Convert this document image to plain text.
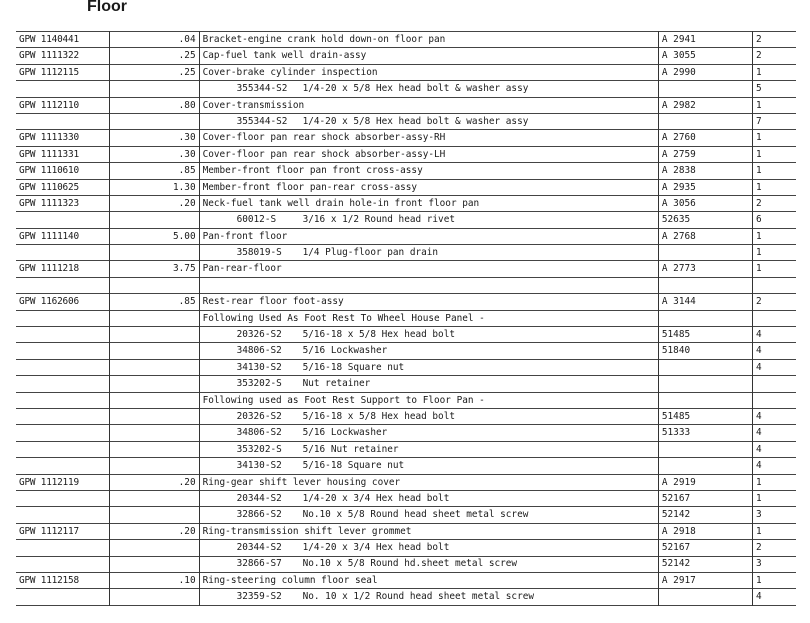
Floor
GPW 1140441	.04	Bracket-engine crank hold down-on floor pan	A 2941	2
GPW 1111322	.25	Cap-fuel tank well drain-assy	A 3055	2
GPW 1112115	.25	Cover-brake cylinder inspection	A 2990	1
		355344-S2 1/4-20 x 5/8 Hex head bolt & washer assy		5
GPW 1112110	.80	Cover-transmission	A 2982	1
		355344-S2 1/4-20 x 5/8 Hex head bolt & washer assy		7
GPW 1111330	.30	Cover-floor pan rear shock absorber-assy-RH	A 2760	1
GPW 1111331	.30	Cover-floor pan rear shock absorber-assy-LH	A 2759	1
GPW 1110610	.85	Member-front floor pan front cross-assy	A 2838	1
GPW 1110625	1.30	Member-front floor pan-rear cross-assy	A 2935	1
GPW 1111323	.20	Neck-fuel tank well drain hole-in front floor pan	A 3056	2
		60012-S 3/16 x 1/2 Round head rivet	52635	6
GPW 1111140	5.00	Pan-front floor	A 2768	1
		358019-S 1/4 Plug-floor pan drain		1
GPW 1111218	3.75	Pan-rear-floor	A 2773	1

GPW 1162606	.85	Rest-rear floor foot-assy	A 3144	2
		Following Used As Foot Rest To Wheel House Panel -		
		20326-S2 5/16-18 x 5/8 Hex head bolt	51485	4
		34806-S2 5/16 Lockwasher	51840	4
		34130-S2 5/16-18 Square nut		4
		353202-S Nut retainer		
		Following used as Foot Rest Support to Floor Pan -		
		20326-S2 5/16-18 x 5/8 Hex head bolt	51485	4
		34806-S2 5/16 Lockwasher	51333	4
		353202-S 5/16 Nut retainer		4
		34130-S2 5/16-18 Square nut		4
GPW 1112119	.20	Ring-gear shift lever housing cover	A 2919	1
		20344-S2 1/4-20 x 3/4 Hex head bolt	52167	1
		32866-S2 No.10 x 5/8 Round head sheet metal screw	52142	3
GPW 1112117	.20	Ring-transmission shift lever grommet	A 2918	1
		20344-S2 1/4-20 x 3/4 Hex head bolt	52167	2
		32866-S7 No.10 x 5/8 Round hd.sheet metal screw	52142	3
GPW 1112158	.10	Ring-steering column floor seal	A 2917	1
		32359-S2 No. 10 x 1/2 Round head sheet metal screw		4
